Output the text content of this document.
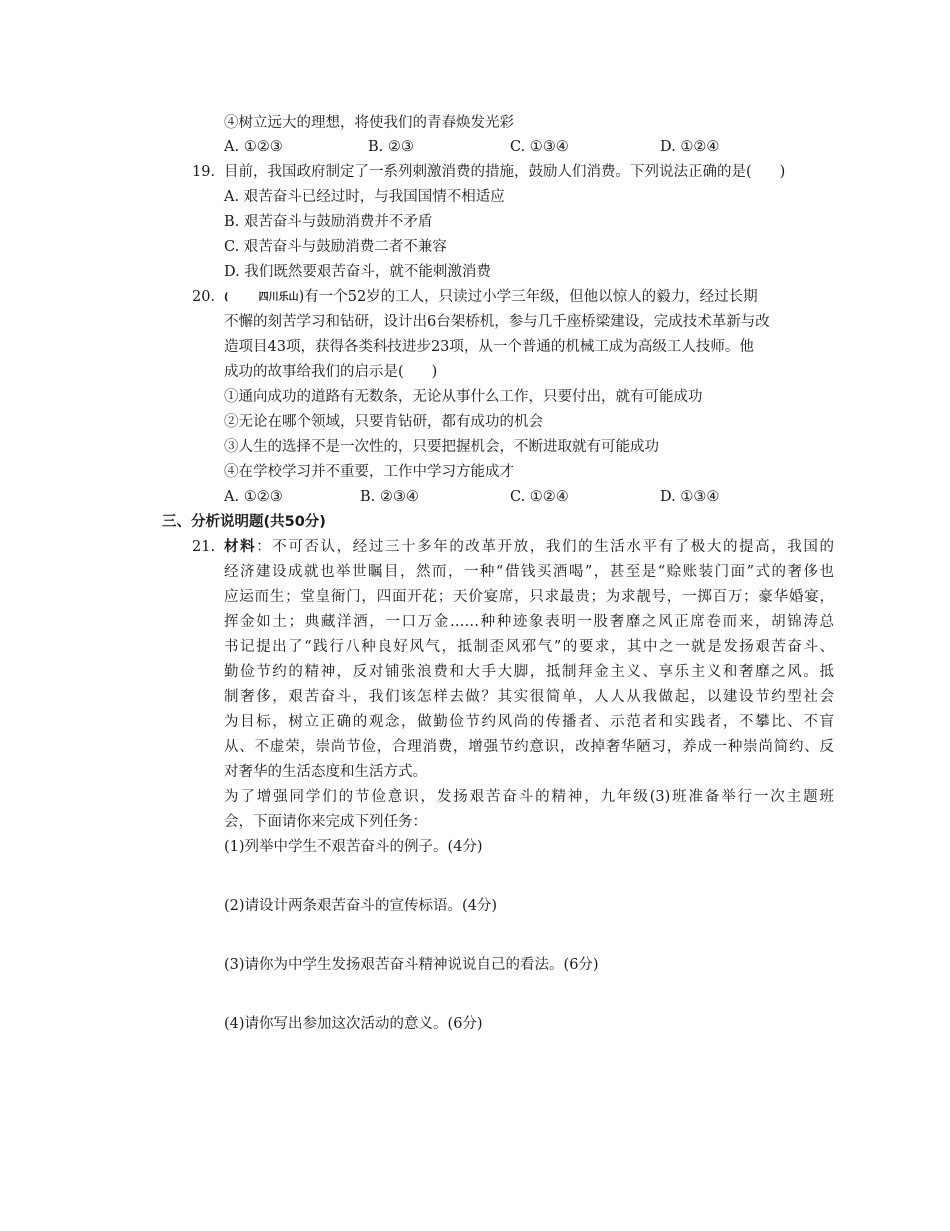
④树立远大的理想，将使我们的青春焕发光彩
A. ①②③	B. ②③	C. ①③④	D. ①②④
19. 目前，我国政府制定了一系列刺激消费的措施，鼓励人们消费。下列说法正确的是( )
A. 艰苦奋斗已经过时，与我国国情不相适应
B. 艰苦奋斗与鼓励消费并不矛盾
C. 艰苦奋斗与鼓励消费二者不兼容
D. 我们既然要艰苦奋斗，就不能刺激消费
20. (	四川乐山)有一个52岁的工人，只读过小学三年级，但他以惊人的毅力，经过长期
不懈的刻苦学习和钻研，设计出6台架桥机，参与几千座桥梁建设，完成技术革新与改
造项目43项，获得各类科技进步23项，从一个普通的机械工成为高级工人技师。他
成功的故事给我们的启示是( )
①通向成功的道路有无数条，无论从事什么工作，只要付出，就有可能成功
②无论在哪个领域，只要肯钻研，都有成功的机会
③人生的选择不是一次性的，只要把握机会，不断进取就有可能成功
④在学校学习并不重要，工作中学习方能成才
A. ①②③	B. ②③④	C. ①②④	D. ①③④
三、分析说明题(共50分)
21. 材料：不可否认，经过三十多年的改革开放，我们的生活水平有了极大的提高，我国的
经济建设成就也举世瞩目，然而，一种“借钱买酒喝”，甚至是“赊账装门面”式的奢侈也
应运而生；堂皇衙门，四面开花；天价宴席，只求最贵；为求靓号，一掷百万；豪华婚宴，
挥金如土；典藏洋酒，一口万金……种种迹象表明一股奢靡之风正席卷而来，胡锦涛总
书记提出了“践行八种良好风气，抵制歪风邪气”的要求，其中之一就是发扬艰苦奋斗、
勤俭节约的精神，反对铺张浪费和大手大脚，抵制拜金主义、享乐主义和奢靡之风。抵
制奢侈，艰苦奋斗，我们该怎样去做？其实很简单，人人从我做起，以建设节约型社会
为目标，树立正确的观念，做勤俭节约风尚的传播者、示范者和实践者，不攀比、不盲
从、不虚荣，崇尚节俭，合理消费，增强节约意识，改掉奢华陋习，养成一种崇尚简约、反
对奢华的生活态度和生活方式。
为了增强同学们的节俭意识，发扬艰苦奋斗的精神，九年级(3)班准备举行一次主题班
会，下面请你来完成下列任务：
(1)列举中学生不艰苦奋斗的例子。(4分)
(2)请设计两条艰苦奋斗的宣传标语。(4分)
(3)请你为中学生发扬艰苦奋斗精神说说自己的看法。(6分)
(4)请你写出参加这次活动的意义。(6分)
